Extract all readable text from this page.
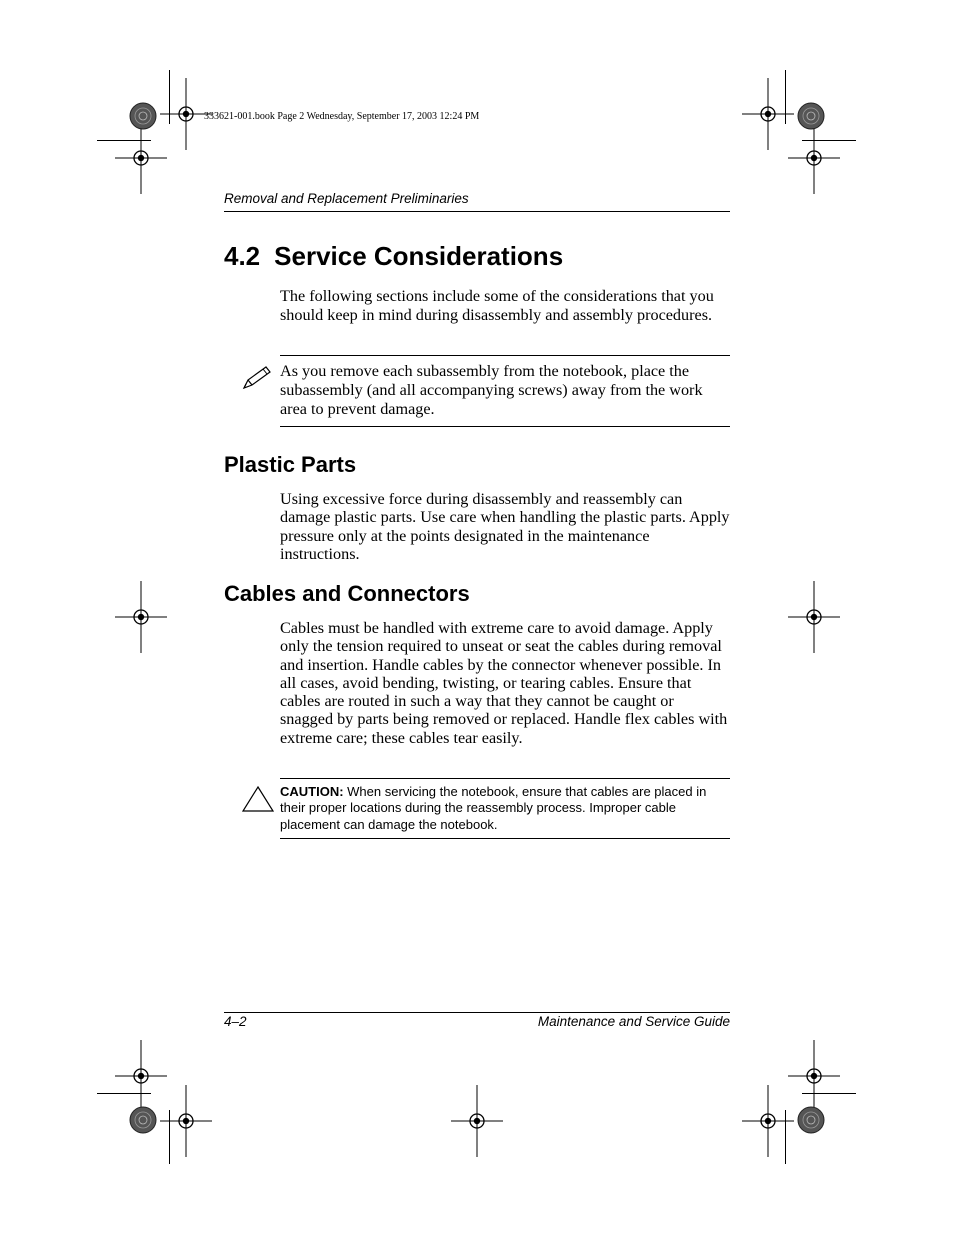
333621-001.book Page 2 Wednesday, September 17, 2003 12:24 PM
Removal and Replacement Preliminaries
4.2 Service Considerations
The following sections include some of the considerations that you should keep in mind during disassembly and assembly procedures.
As you remove each subassembly from the notebook, place the subassembly (and all accompanying screws) away from the work area to prevent damage.
Plastic Parts
Using excessive force during disassembly and reassembly can damage plastic parts. Use care when handling the plastic parts. Apply pressure only at the points designated in the maintenance instructions.
Cables and Connectors
Cables must be handled with extreme care to avoid damage. Apply only the tension required to unseat or seat the cables during removal and insertion. Handle cables by the connector whenever possible. In all cases, avoid bending, twisting, or tearing cables. Ensure that cables are routed in such a way that they cannot be caught or snagged by parts being removed or replaced. Handle flex cables with extreme care; these cables tear easily.
CAUTION: When servicing the notebook, ensure that cables are placed in their proper locations during the reassembly process. Improper cable placement can damage the notebook.
4–2	Maintenance and Service Guide
